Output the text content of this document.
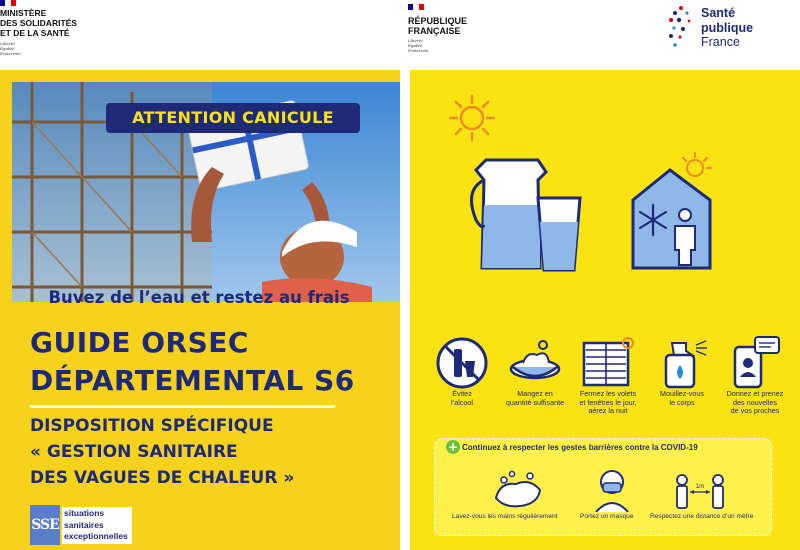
MINISTÈRE
DES SOLIDARITÉS
ET DE LA SANTÉ
Liberté
Égalité
Fraternité
GUIDE ORSEC
DÉPARTEMENTAL S6
DISPOSITION SPÉCIFIQUE
« GESTION SANITAIRE
DES VAGUES DE CHALEUR »
SSE
situations
sanitaires
exceptionnelles
RÉPUBLIQUE
FRANÇAISE
Liberté
Égalité
Fraternité
Santé
publique
France
ATTENTION CANICULE
Buvez de l’eau et restez au frais
Évitez
l’alcool
Mangez en
quantité suffisante
Fermez les volets
et fenêtres le jour,
aérez la nuit
Mouillez-vous
le corps
Donnez et prenez
des nouvelles
de vos proches
+ Continuez à respecter les gestes barrières contre la COVID-19
1m
Lavez-vous les mains régulièrement	Portez un masque Respectez une distance d’un mètre
